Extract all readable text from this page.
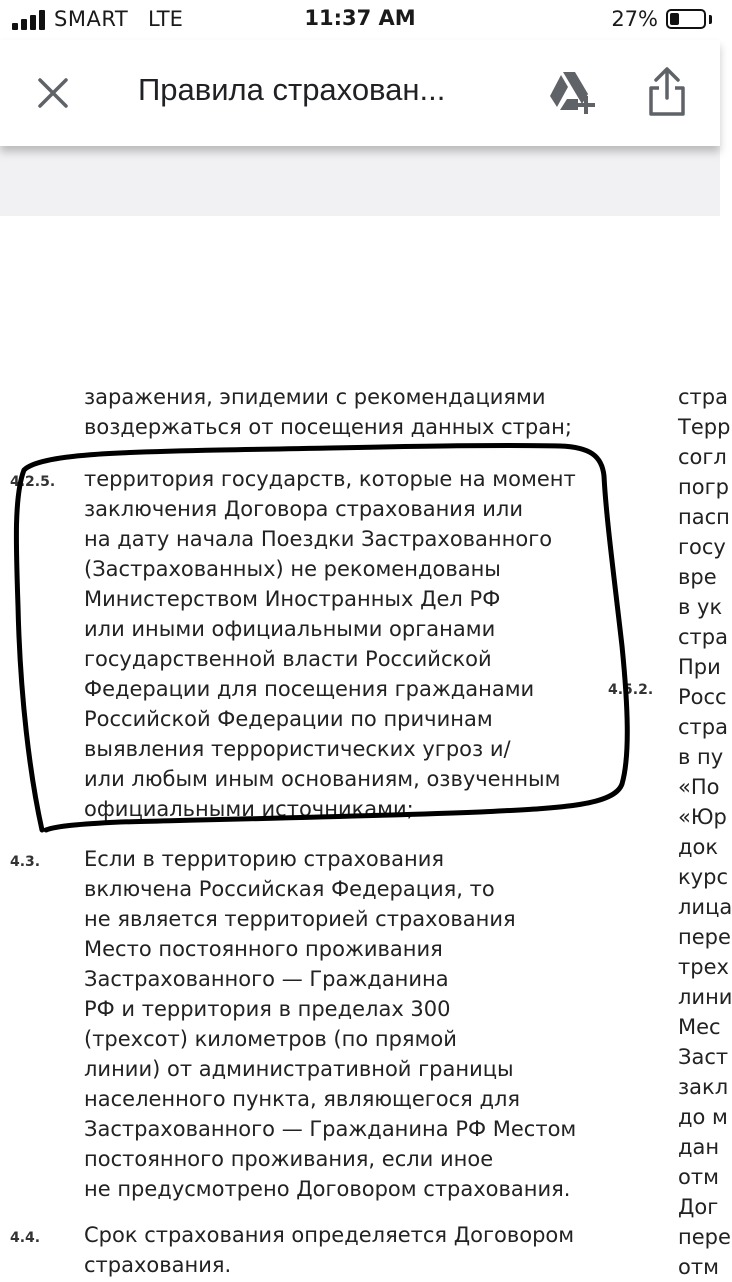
SMART LTE	11:37 AM	27%
Правила страхован...

заражения, эпидемии с рекомендациями
воздержаться от посещения данных стран;

4.2.5. территория государств, которые на момент
заключения Договора страхования или
на дату начала Поездки Застрахованного
(Застрахованных) не рекомендованы
Министерством Иностранных Дел РФ
или иными официальными органами
государственной власти Российской
Федерации для посещения гражданами
Российской Федерации по причинам
выявления террористических угроз и/
или любым иным основаниям, озвученным
официальными источниками;

4.3. Если в территорию страхования
включена Российская Федерация, то
не является территорией страхования
Место постоянного проживания
Застрахованного — Гражданина
РФ и территория в пределах 300
(трехсот) километров (по прямой
линии) от административной границы
населенного пункта, являющегося для
Застрахованного — Гражданина РФ Местом
постоянного проживания, если иное
не предусмотрено Договором страхования.

4.4. Срок страхования определяется Договором
страхования.

4.5.2.

стра
Терр
согл
погр
пасп
госу
вре
в ук
стра
При
Росс
стра
в пу
«По
«Юр
док
курс
лица
пере
трех
лини
Мес
Заст
закл
до м
дан
отм
Дог
пере
отм
